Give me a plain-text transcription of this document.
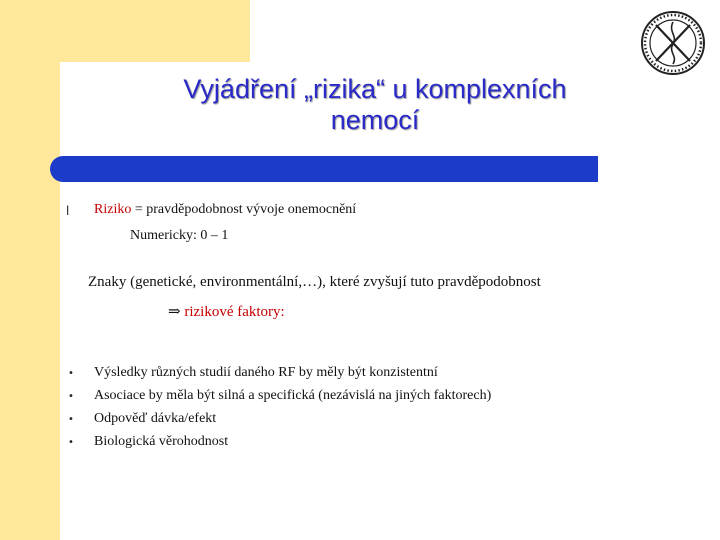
Vyjádření „rizika“ u komplexních
nemocí
l Riziko = pravděpodobnost vývoje onemocnění
Numericky: 0 – 1
Znaky (genetické, environmentální,…), které zvyšují tuto pravděpodobnost
⇒ rizikové faktory:
• Výsledky různých studií daného RF by měly být konzistentní
• Asociace by měla být silná a specifická (nezávislá na jiných faktorech)
• Odpověď dávka/efekt
• Biologická věrohodnost
